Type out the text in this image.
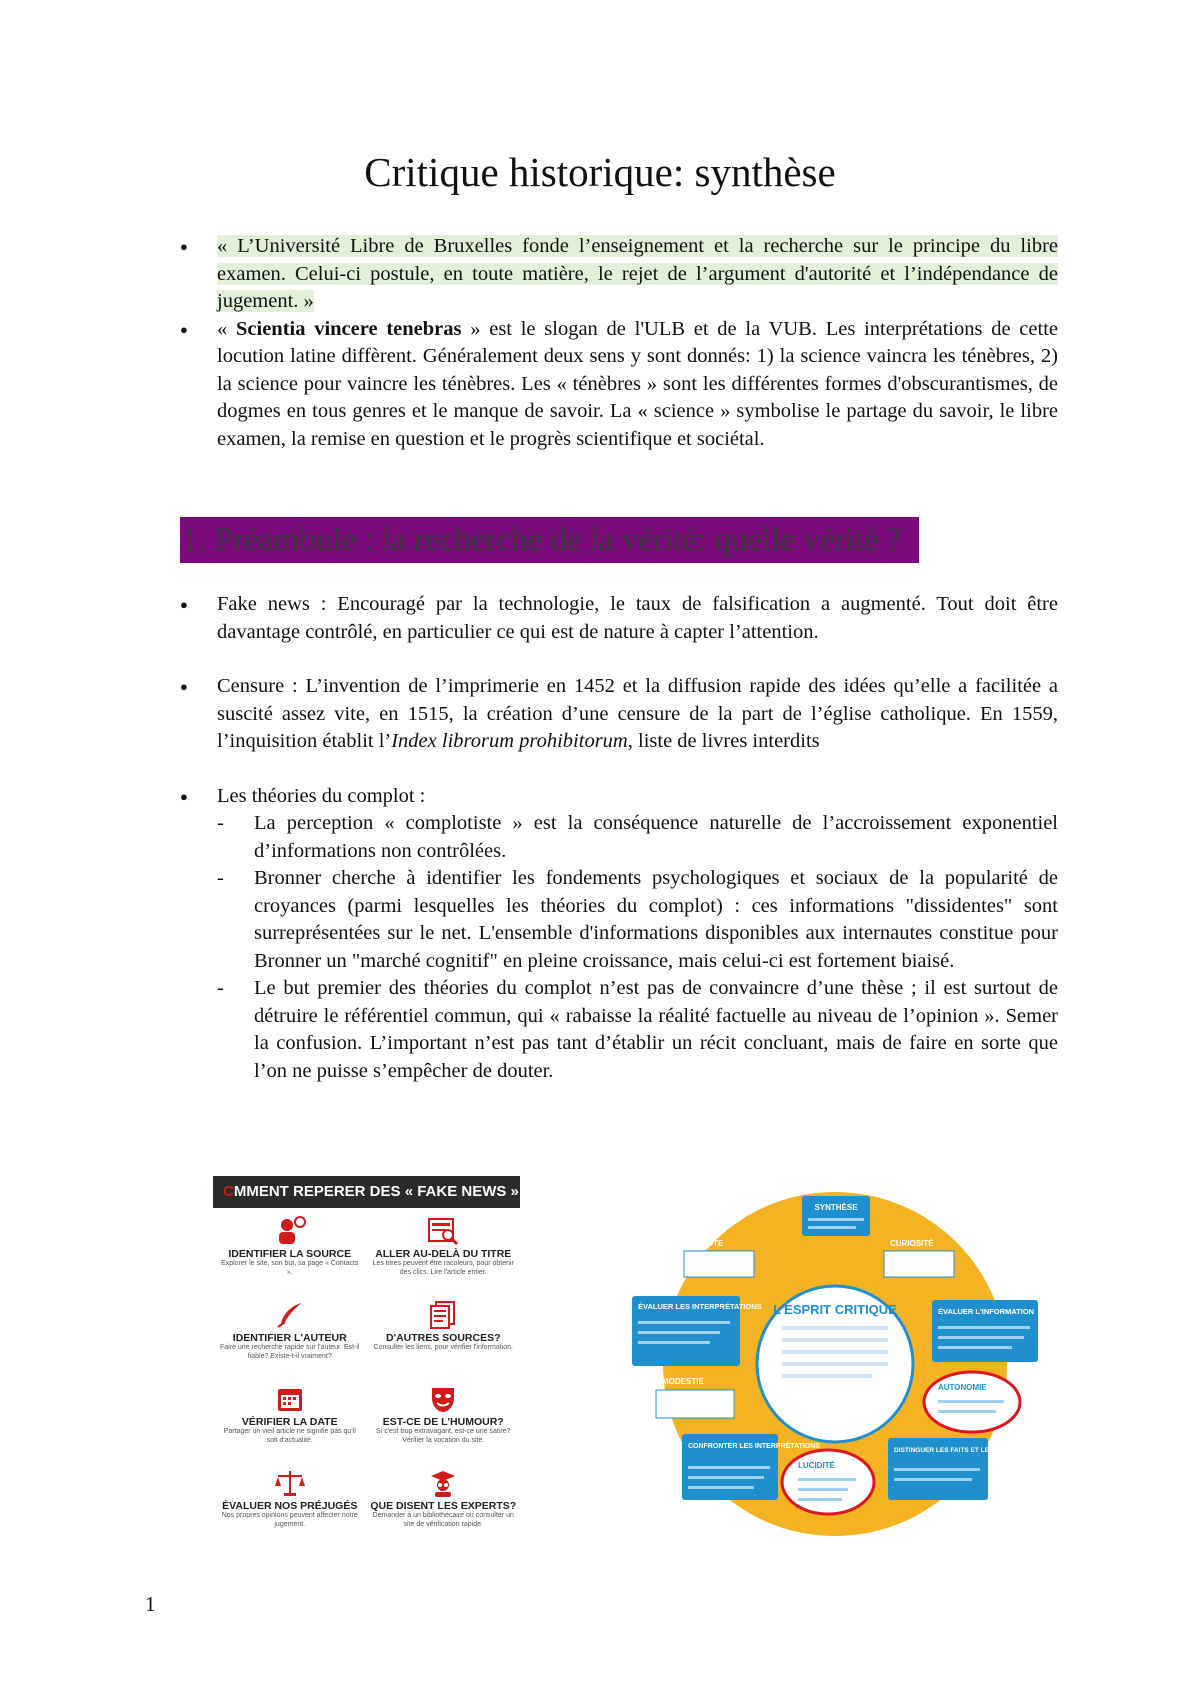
Critique historique: synthèse
● « L’Université Libre de Bruxelles fonde l’enseignement et la recherche sur le principe du libre examen. Celui-ci postule, en toute matière, le rejet de l’argument d'autorité et l’indépendance de jugement. »
● « Scientia vincere tenebras » est le slogan de l'ULB et de la VUB. Les interprétations de cette locution latine diffèrent. Généralement deux sens y sont donnés: 1) la science vaincra les ténèbres, 2) la science pour vaincre les ténèbres. Les « ténèbres » sont les différentes formes d'obscurantismes, de dogmes en tous genres et le manque de savoir. La « science » symbolise le partage du savoir, le libre examen, la remise en question et le progrès scientifique et sociétal.
1. Préambule : la recherche de la vérité: quelle vérité ?
● Fake news : Encouragé par la technologie, le taux de falsification a augmenté. Tout doit être davantage contrôlé, en particulier ce qui est de nature à capter l’attention.
● Censure : L’invention de l’imprimerie en 1452 et la diffusion rapide des idées qu’elle a facilitée a suscité assez vite, en 1515, la création d’une censure de la part de l’église catholique. En 1559, l’inquisition établit l’Index librorum prohibitorum, liste de livres interdits
● Les théories du complot :
- La perception « complotiste » est la conséquence naturelle de l’accroissement exponentiel d’informations non contrôlées.
- Bronner cherche à identifier les fondements psychologiques et sociaux de la popularité de croyances (parmi lesquelles les théories du complot) : ces informations "dissidentes" sont surreprésentées sur le net. L'ensemble d'informations disponibles aux internautes constitue pour Bronner un "marché cognitif" en pleine croissance, mais celui-ci est fortement biaisé.
- Le but premier des théories du complot n’est pas de convaincre d’une thèse ; il est surtout de détruire le référentiel commun, qui « rabaisse la réalité factuelle au niveau de l’opinion ». Semer la confusion. L’important n’est pas tant d’établir un récit concluant, mais de faire en sorte que l’on ne puisse s’empêcher de douter.
CMMENT REPERER DES « FAKE NEWS »
IDENTIFIER LA SOURCE
Explorer le site, son but, sa page « Contacts ».
ALLER AU-DELÀ DU TITRE
Les titres peuvent être racoleurs, pour obtenir des clics. Lire l'article entier.
IDENTIFIER L'AUTEUR
Faire une recherche rapide sur l'auteur. Est-il fiable? Existe-t-il vraiment?
D'AUTRES SOURCES?
Consulter les liens, pour vérifier l'information.
VÉRIFIER LA DATE
Partager un vieil article ne signifie pas qu'il soit d'actualité.
EST-CE DE L'HUMOUR?
Si c'est trop extravagant, est-ce une satire? Vérifier la vocation du site.
ÉVALUER NOS PRÉJUGÉS
Nos propres opinions peuvent affecter notre jugement.
QUE DISENT LES EXPERTS?
Demander à un bibliothécaire ou consulter un site de vérification rapide.
L'ESPRIT CRITIQUE
SYNTHÈSE
ÉCOUTE	CURIOSITÉ
ÉVALUER LES INTERPRÉTATIONS
ÉVALUER L'INFORMATION
MODESTIE
AUTONOMIE
CONFRONTER LES INTERPRÉTATIONS
LUCIDITÉ
DISTINGUER LES FAITS ET LES INTERPRÉTATIONS

1
